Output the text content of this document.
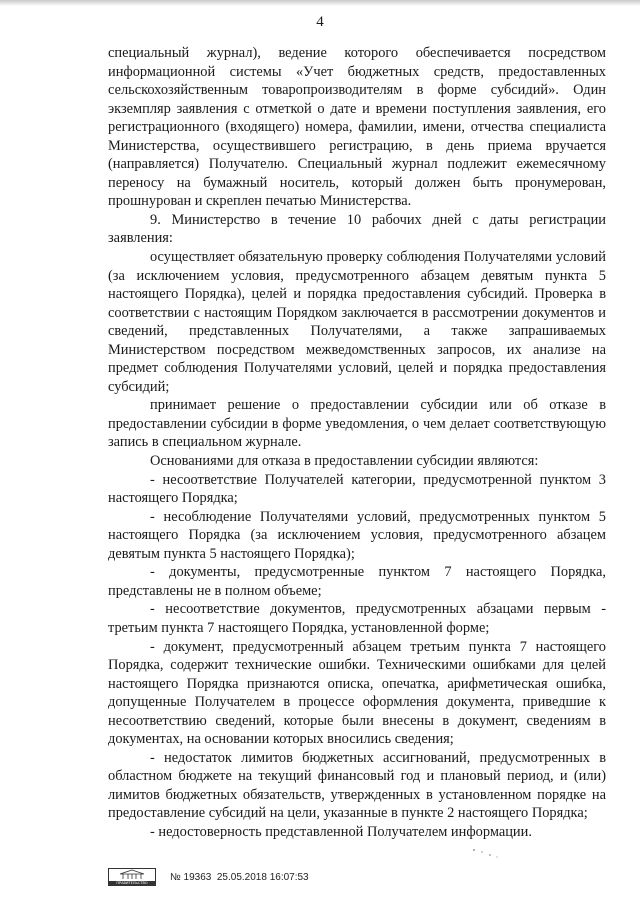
4

специальный журнал), ведение которого обеспечивается посредством информационной системы «Учет бюджетных средств, предоставленных сельскохозяйственным товаропроизводителям в форме субсидий». Один экземпляр заявления с отметкой о дате и времени поступления заявления, его регистрационного (входящего) номера, фамилии, имени, отчества специалиста Министерства, осуществившего регистрацию, в день приема вручается (направляется) Получателю. Специальный журнал подлежит ежемесячному переносу на бумажный носитель, который должен быть пронумерован, прошнурован и скреплен печатью Министерства.

9. Министерство в течение 10 рабочих дней с даты регистрации заявления:

осуществляет обязательную проверку соблюдения Получателями условий (за исключением условия, предусмотренного абзацем девятым пункта 5 настоящего Порядка), целей и порядка предоставления субсидий. Проверка в соответствии с настоящим Порядком заключается в рассмотрении документов и сведений, представленных Получателями, а также запрашиваемых Министерством посредством межведомственных запросов, их анализе на предмет соблюдения Получателями условий, целей и порядка предоставления субсидий;

принимает решение о предоставлении субсидии или об отказе в предоставлении субсидии в форме уведомления, о чем делает соответствующую запись в специальном журнале.

Основаниями для отказа в предоставлении субсидии являются:

- несоответствие Получателей категории, предусмотренной пунктом 3 настоящего Порядка;

- несоблюдение Получателями условий, предусмотренных пунктом 5 настоящего Порядка (за исключением условия, предусмотренного абзацем девятым пункта 5 настоящего Порядка);

- документы, предусмотренные пунктом 7 настоящего Порядка, представлены не в полном объеме;

- несоответствие документов, предусмотренных абзацами первым - третьим пункта 7 настоящего Порядка, установленной форме;

- документ, предусмотренный абзацем третьим пункта 7 настоящего Порядка, содержит технические ошибки. Техническими ошибками для целей настоящего Порядка признаются описка, опечатка, арифметическая ошибка, допущенные Получателем в процессе оформления документа, приведшие к несоответствию сведений, которые были внесены в документ, сведениям в документах, на основании которых вносились сведения;

- недостаток лимитов бюджетных ассигнований, предусмотренных в областном бюджете на текущий финансовый год и плановый период, и (или) лимитов бюджетных обязательств, утвержденных в установленном порядке на предоставление субсидий на цели, указанные в пункте 2 настоящего Порядка;

- недостоверность представленной Получателем информации.

ПРАВИТЕЛЬСТВО
№ 19363  25.05.2018 16:07:53
